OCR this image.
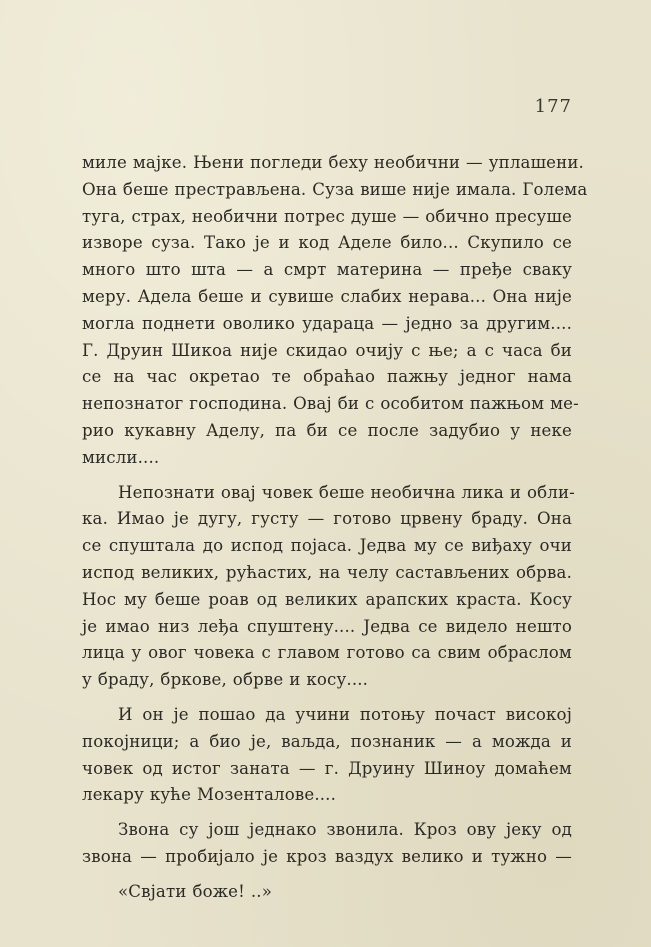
177
миле мајке. Њени погледи беху необични — уплашени.
Она беше престрављена. Суза више није имала. Голема
туга, страх, необични потрес душе — обично пресуше
изворе суза. Тако је и код Аделе било... Скупило се
много што шта — а смрт материна — пређе сваку
меру. Адела беше и сувише слабих нерава... Она није
могла поднети оволико удараца — једно за другим....
Г. Друин Шикоа није скидао очију с ње; а с часа би
се на час окретао те обраћао пажњу једног нама
непознатог господина. Овај би с особитом пажњом ме-
рио кукавну Аделу, па би се после задубио у неке
мисли....
Непознати овај човек беше необична лика и обли-
ка. Имао је дугу, густу — готово црвену браду. Она
се спуштала до испод појаса. Једва му се виђаху очи
испод великих, рућастих, на челу састављених обрва.
Нос му беше роав од великих арапских краста. Косу
је имао низ леђа спуштену.... Једва се видело нешто
лица у овог човека с главом готово са свим обраслом
у браду, бркове, обрве и косу....
И он је пошао да учини потоњу почаст високој
покојници; а био је, ваљда, познаник — а можда и
човек од истог заната — г. Друину Шиноу домаћем
лекару куће Мозенталове....
Звона су још једнако звонила. Кроз ову јеку од
звона — пробијало је кроз ваздух велико и тужно —
«Свјати боже! ..»
